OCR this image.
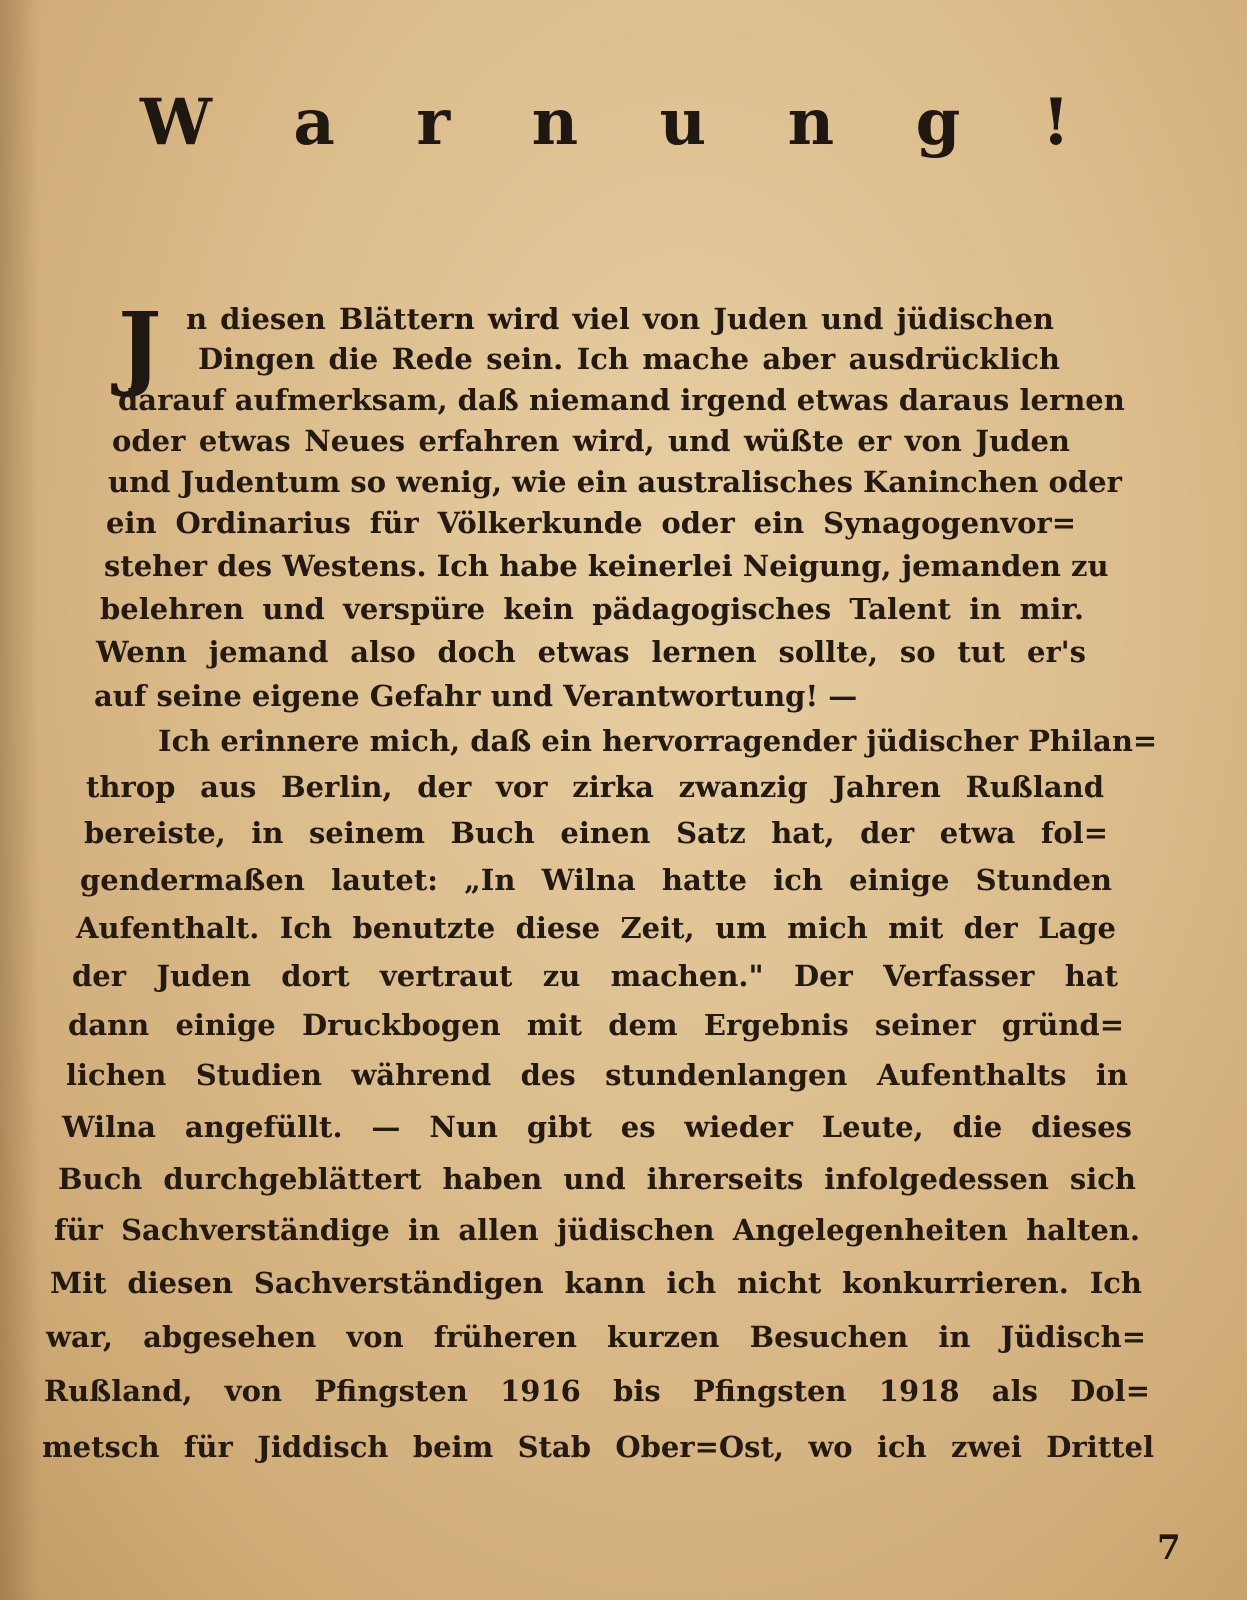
W a r n u n g !
J n diesen Blättern wird viel von Juden und jüdischen
Dingen die Rede sein. Ich mache aber ausdrücklich
darauf aufmerksam, daß niemand irgend etwas daraus lernen
oder etwas Neues erfahren wird, und wüßte er von Juden
und Judentum so wenig, wie ein australisches Kaninchen oder
ein Ordinarius für Völkerkunde oder ein Synagogenvor=
steher des Westens. Ich habe keinerlei Neigung, jemanden zu
belehren und verspüre kein pädagogisches Talent in mir.
Wenn jemand also doch etwas lernen sollte, so tut er's
auf seine eigene Gefahr und Verantwortung! —
Ich erinnere mich, daß ein hervorragender jüdischer Philan=
throp aus Berlin, der vor zirka zwanzig Jahren Rußland
bereiste, in seinem Buch einen Satz hat, der etwa fol=
gendermaßen lautet: „In Wilna hatte ich einige Stunden
Aufenthalt. Ich benutzte diese Zeit, um mich mit der Lage
der Juden dort vertraut zu machen." Der Verfasser hat
dann einige Druckbogen mit dem Ergebnis seiner gründ=
lichen Studien während des stundenlangen Aufenthalts in
Wilna angefüllt. — Nun gibt es wieder Leute, die dieses
Buch durchgeblättert haben und ihrerseits infolgedessen sich
für Sachverständige in allen jüdischen Angelegenheiten halten.
Mit diesen Sachverständigen kann ich nicht konkurrieren. Ich
war, abgesehen von früheren kurzen Besuchen in Jüdisch=
Rußland, von Pfingsten 1916 bis Pfingsten 1918 als Dol=
metsch für Jiddisch beim Stab Ober=Ost, wo ich zwei Drittel
7
